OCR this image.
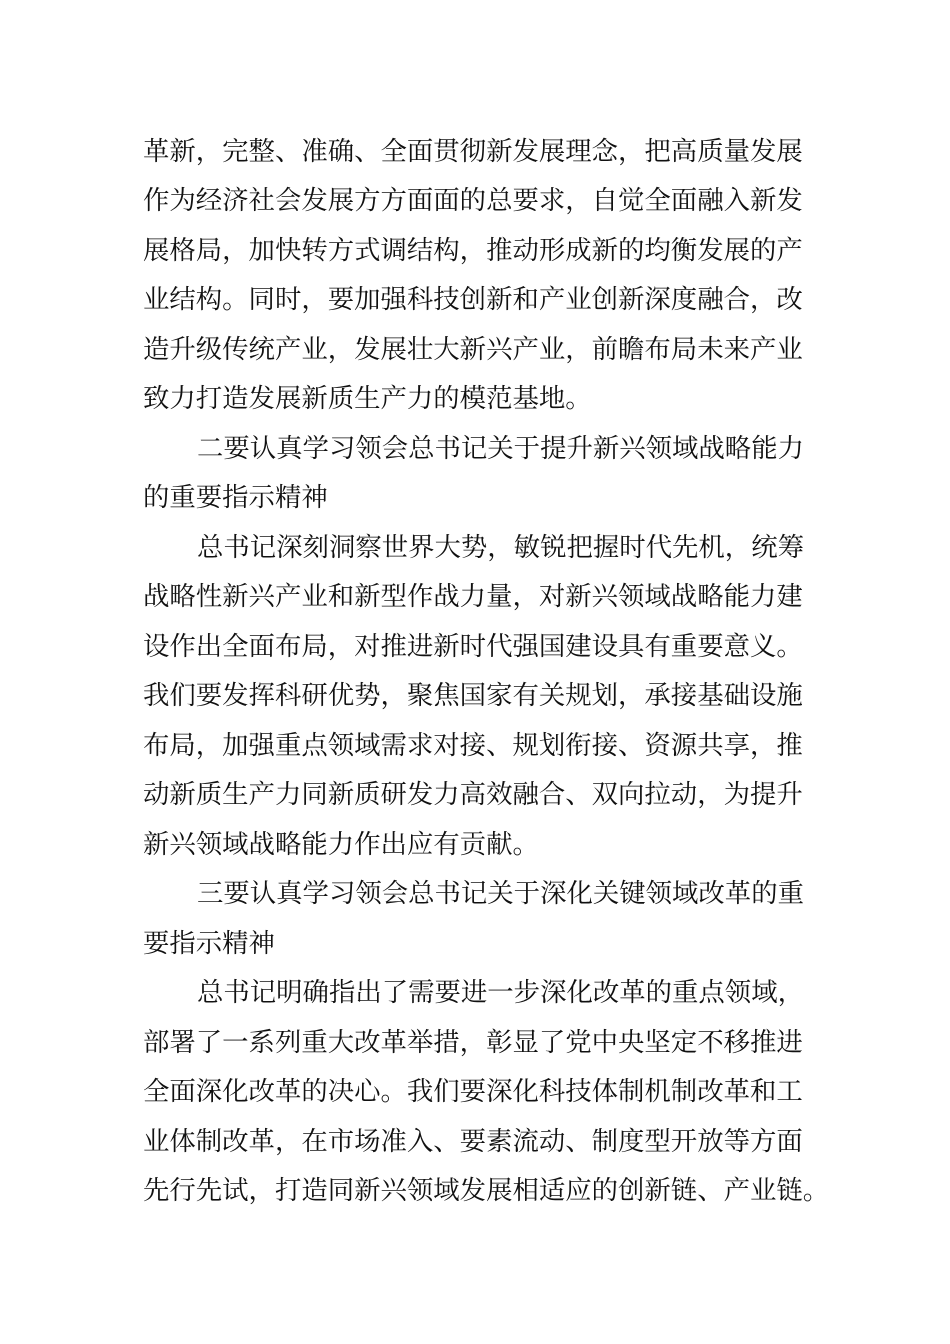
革新，完整、准确、全面贯彻新发展理念，把高质量发展
作为经济社会发展方方面面的总要求，自觉全面融入新发
展格局，加快转方式调结构，推动形成新的均衡发展的产
业结构。同时，要加强科技创新和产业创新深度融合，改
造升级传统产业，发展壮大新兴产业，前瞻布局未来产业
致力打造发展新质生产力的模范基地。
二要认真学习领会总书记关于提升新兴领域战略能力
的重要指示精神
总书记深刻洞察世界大势，敏锐把握时代先机，统筹
战略性新兴产业和新型作战力量，对新兴领域战略能力建
设作出全面布局，对推进新时代强国建设具有重要意义。
我们要发挥科研优势，聚焦国家有关规划，承接基础设施
布局，加强重点领域需求对接、规划衔接、资源共享，推
动新质生产力同新质研发力高效融合、双向拉动，为提升
新兴领域战略能力作出应有贡献。
三要认真学习领会总书记关于深化关键领域改革的重
要指示精神
总书记明确指出了需要进一步深化改革的重点领域，
部署了一系列重大改革举措，彰显了党中央坚定不移推进
全面深化改革的决心。我们要深化科技体制机制改革和工
业体制改革，在市场准入、要素流动、制度型开放等方面
先行先试，打造同新兴领域发展相适应的创新链、产业链。
